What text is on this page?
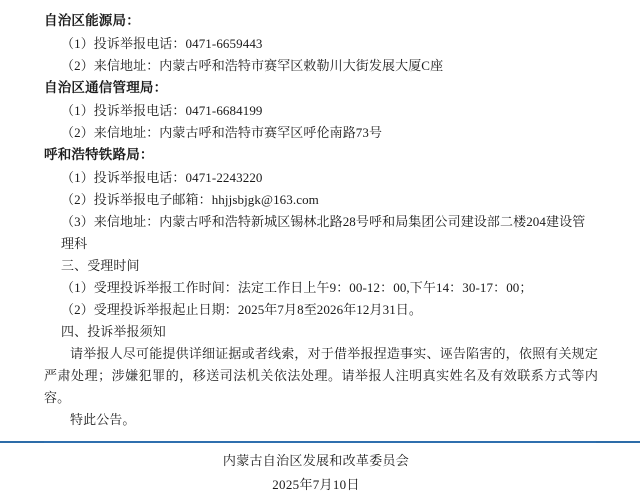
自治区能源局：

（1）投诉举报电话：0471-6659443

（2）来信地址：内蒙古呼和浩特市赛罕区敕勒川大街发展大厦C座

自治区通信管理局：

（1）投诉举报电话：0471-6684199

（2）来信地址：内蒙古呼和浩特市赛罕区呼伦南路73号

呼和浩特铁路局：

（1）投诉举报电话：0471-2243220

（2）投诉举报电子邮箱：hhjjsbjgk@163.com

（3）来信地址：内蒙古呼和浩特新城区锡林北路28号呼和局集团公司建设部二楼204建设管理科

三、受理时间

（1）受理投诉举报工作时间：法定工作日上午9：00-12：00,下午14：30-17：00；

（2）受理投诉举报起止日期：2025年7月8至2026年12月31日。

四、投诉举报须知

请举报人尽可能提供详细证据或者线索，对于借举报捏造事实、诬告陷害的，依照有关规定严肃处理；涉嫌犯罪的，移送司法机关依法处理。请举报人注明真实姓名及有效联系方式等内容。

特此公告。

内蒙古自治区发展和改革委员会

2025年7月10日
